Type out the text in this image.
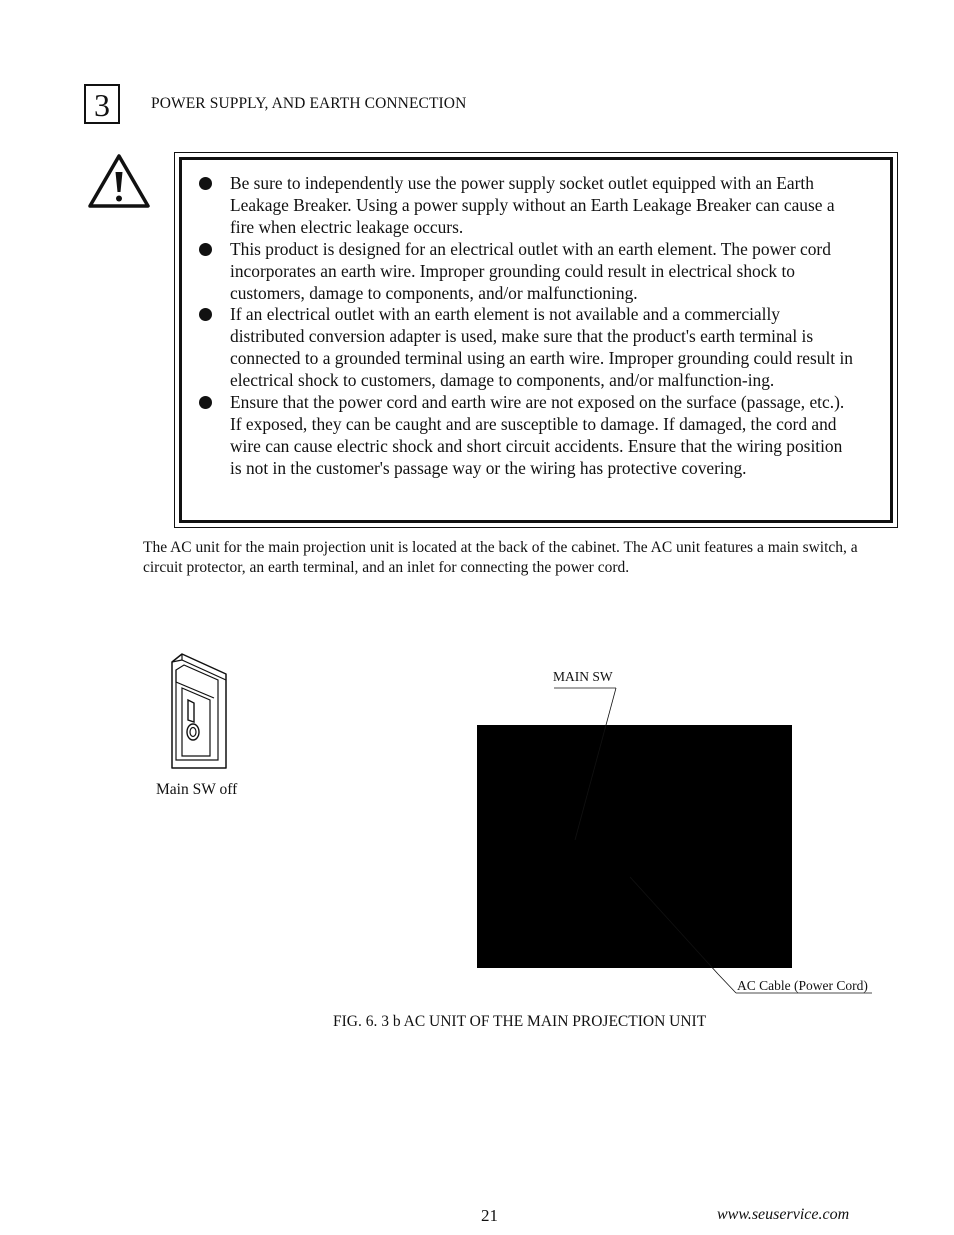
3	POWER SUPPLY, AND EARTH CONNECTION
Be sure to independently use the power supply socket outlet equipped with an Earth Leakage Breaker. Using a power supply without an Earth Leakage Breaker can cause a fire when electric leakage occurs.
This product is designed for an electrical outlet with an earth element. The power cord incorporates an earth wire. Improper grounding could result in electrical shock to customers, damage to components, and/or malfunctioning.
If an electrical outlet with an earth element is not available and a commercially distributed conversion adapter is used, make sure that the product's earth terminal is connected to a grounded terminal using an earth wire. Improper grounding could result in electrical shock to customers, damage to components, and/or malfunction-ing.
Ensure that the power cord and earth wire are not exposed on the surface (passage, etc.). If exposed, they can be caught and are susceptible to damage. If damaged, the cord and wire can cause electric shock and short circuit accidents. Ensure that the wiring position is not in the customer's passage way or the wiring has protective covering.
The AC unit for the main projection unit is located at the back of the cabinet. The AC unit features a main switch, a circuit protector, an earth terminal, and an inlet for connecting the power cord.
Main SW off
MAIN SW
AC Cable (Power Cord)
FIG. 6. 3 b AC UNIT OF THE MAIN PROJECTION UNIT
21	www.seuservice.com
